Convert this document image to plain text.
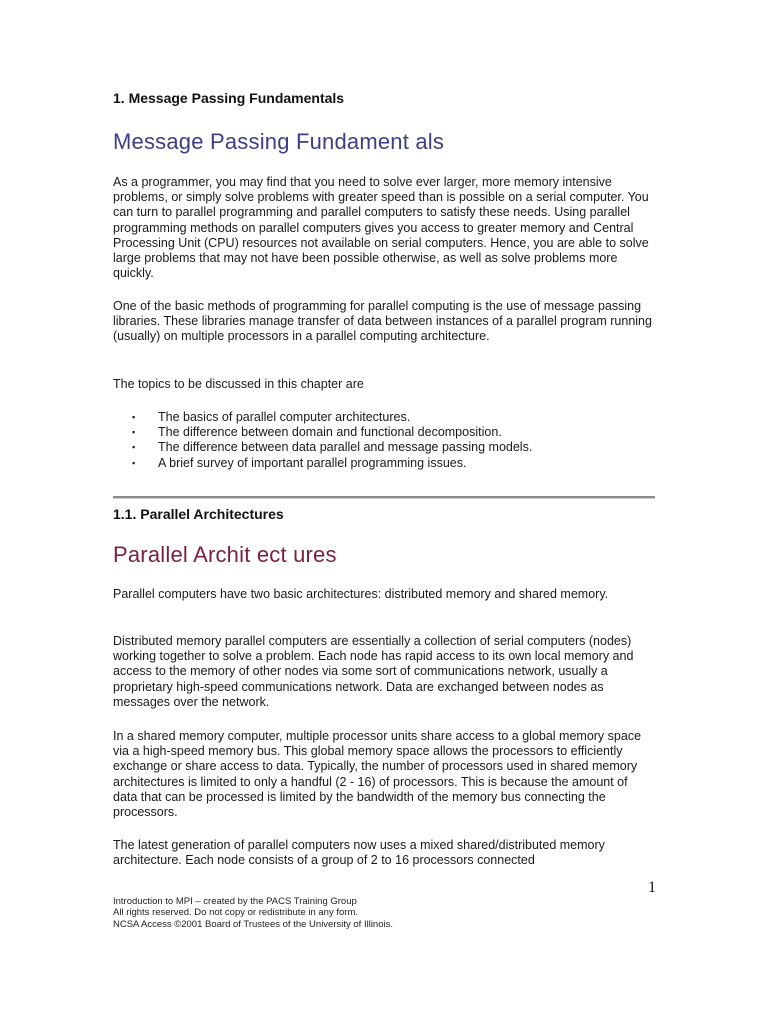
1. Message Passing Fundamentals
Message Passing Fundament als

As a programmer, you may find that you need to solve ever larger, more memory intensive problems, or simply solve problems with greater speed than is possible on a serial computer. You can turn to parallel programming and parallel computers to satisfy these needs. Using parallel programming methods on parallel computers gives you access to greater memory and Central Processing Unit (CPU) resources not available on serial computers. Hence, you are able to solve large problems that may not have been possible otherwise, as well as solve problems more quickly.

One of the basic methods of programming for parallel computing is the use of message passing libraries. These libraries manage transfer of data between instances of a parallel program running (usually) on multiple processors in a parallel computing architecture.

The topics to be discussed in this chapter are

▪ The basics of parallel computer architectures.
▪ The difference between domain and functional decomposition.
▪ The difference between data parallel and message passing models.
▪ A brief survey of important parallel programming issues.
1.1. Parallel Architectures
Parallel Archit ect ures

Parallel computers have two basic architectures: distributed memory and shared memory.

Distributed memory parallel computers are essentially a collection of serial computers (nodes) working together to solve a problem. Each node has rapid access to its own local memory and access to the memory of other nodes via some sort of communications network, usually a proprietary high-speed communications network. Data are exchanged between nodes as messages over the network.

In a shared memory computer, multiple processor units share access to a global memory space via a high-speed memory bus. This global memory space allows the processors to efficiently exchange or share access to data. Typically, the number of processors used in shared memory architectures is limited to only a handful (2 - 16) of processors. This is because the amount of data that can be processed is limited by the bandwidth of the memory bus connecting the processors.

The latest generation of parallel computers now uses a mixed shared/distributed memory architecture. Each node consists of a group of 2 to 16 processors connected

1
Introduction to MPI – created by the PACS Training Group
All rights reserved. Do not copy or redistribute in any form.
NCSA Access ©2001 Board of Trustees of the University of Illinois.
